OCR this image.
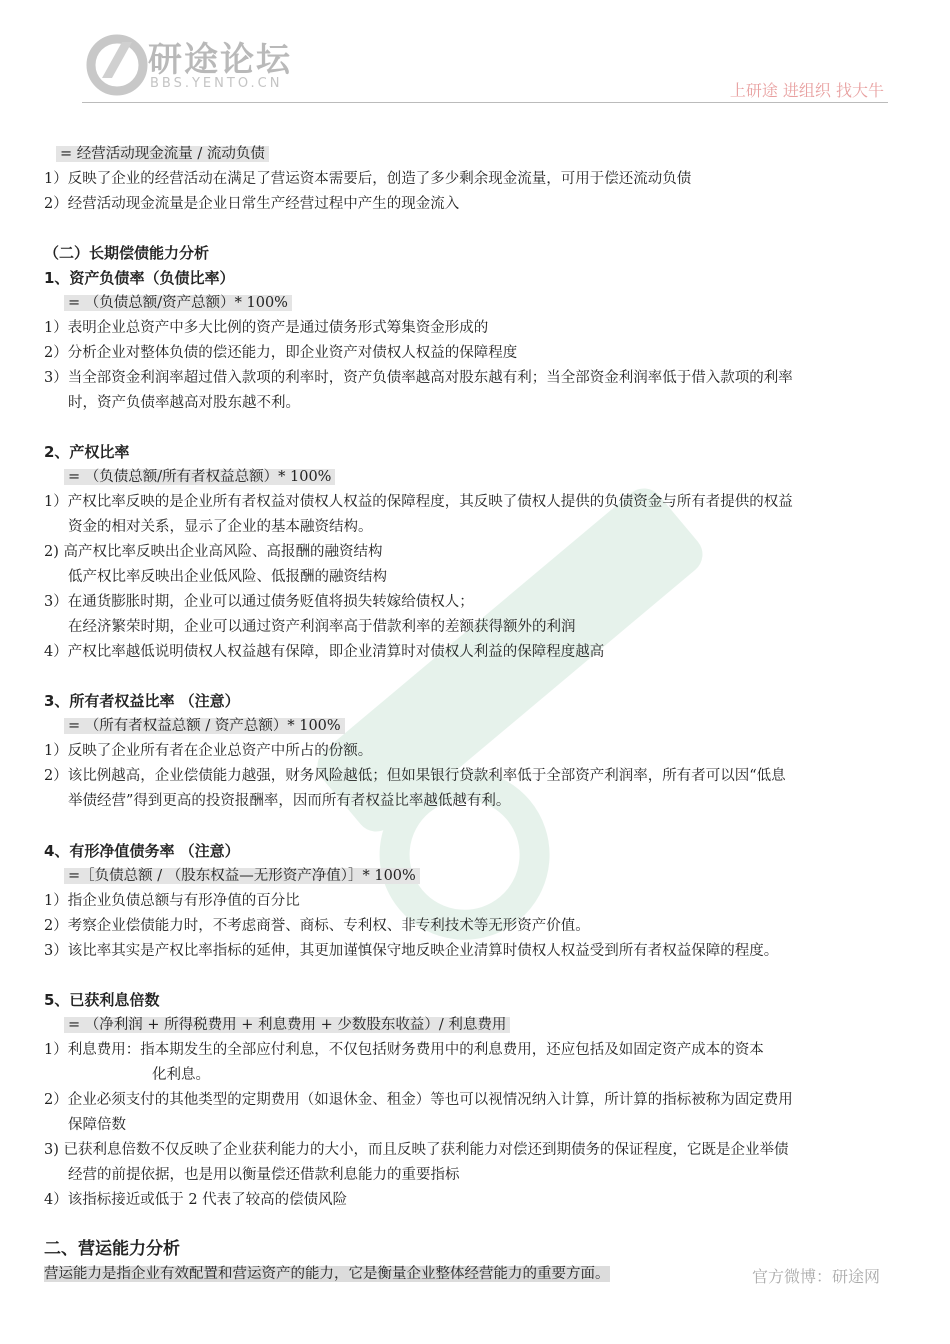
研途论坛
BBS.YENTO.CN	上研途 进组织 找大牛
= 经营活动现金流量 / 流动负债
1）反映了企业的经营活动在满足了营运资本需要后，创造了多少剩余现金流量，可用于偿还流动负债
2）经营活动现金流量是企业日常生产经营过程中产生的现金流入
（二）长期偿债能力分析
1、资产负债率（负债比率）
= （负债总额/资产总额）* 100%
1）表明企业总资产中多大比例的资产是通过债务形式筹集资金形成的
2）分析企业对整体负债的偿还能力，即企业资产对债权人权益的保障程度
3）当全部资金利润率超过借入款项的利率时，资产负债率越高对股东越有利；当全部资金利润率低于借入款项的利率
时，资产负债率越高对股东越不利。
2、产权比率
= （负债总额/所有者权益总额）* 100%
1）产权比率反映的是企业所有者权益对债权人权益的保障程度，其反映了债权人提供的负债资金与所有者提供的权益
资金的相对关系，显示了企业的基本融资结构。
2) 高产权比率反映出企业高风险、高报酬的融资结构
低产权比率反映出企业低风险、低报酬的融资结构
3）在通货膨胀时期，企业可以通过债务贬值将损失转嫁给债权人；
在经济繁荣时期，企业可以通过资产利润率高于借款利率的差额获得额外的利润
4）产权比率越低说明债权人权益越有保障，即企业清算时对债权人利益的保障程度越高
3、所有者权益比率 （注意）
= （所有者权益总额 / 资产总额）* 100%
1）反映了企业所有者在企业总资产中所占的份额。
2）该比例越高，企业偿债能力越强，财务风险越低；但如果银行贷款利率低于全部资产利润率，所有者可以因“低息
举债经营”得到更高的投资报酬率，因而所有者权益比率越低越有利。
4、有形净值债务率 （注意）
=［负债总额 / （股东权益—无形资产净值）］* 100%
1）指企业负债总额与有形净值的百分比
2）考察企业偿债能力时，不考虑商誉、商标、专利权、非专利技术等无形资产价值。
3）该比率其实是产权比率指标的延伸，其更加谨慎保守地反映企业清算时债权人权益受到所有者权益保障的程度。
5、已获利息倍数
= （净利润 + 所得税费用 + 利息费用 + 少数股东收益）/ 利息费用
1）利息费用：指本期发生的全部应付利息，不仅包括财务费用中的利息费用，还应包括及如固定资产成本的资本
化利息。
2）企业必须支付的其他类型的定期费用（如退休金、租金）等也可以视情况纳入计算，所计算的指标被称为固定费用
保障倍数
3) 已获利息倍数不仅反映了企业获利能力的大小，而且反映了获利能力对偿还到期债务的保证程度，它既是企业举债
经营的前提依据，也是用以衡量偿还借款利息能力的重要指标
4）该指标接近或低于 2 代表了较高的偿债风险
二、营运能力分析
营运能力是指企业有效配置和营运资产的能力，它是衡量企业整体经营能力的重要方面。	官方微博：研途网
